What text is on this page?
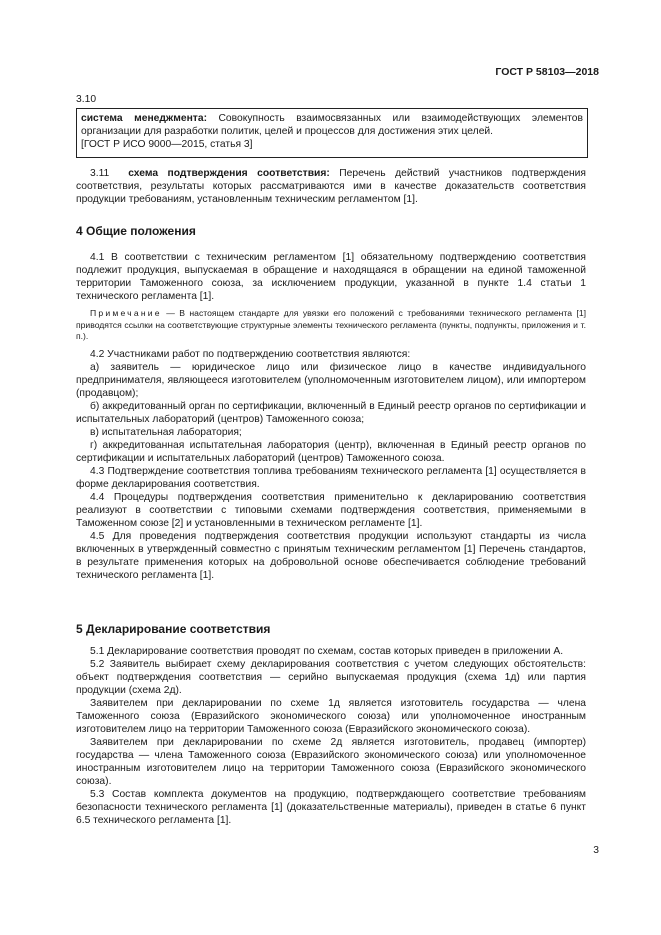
ГОСТ Р 58103—2018
3.10

система менеджмента: Совокупность взаимосвязанных или взаимодействующих элементов организации для разработки политик, целей и процессов для достижения этих целей.

[ГОСТ Р ИСО 9000—2015, статья 3]

3.11 схема подтверждения соответствия: Перечень действий участников подтверждения соответствия, результаты которых рассматриваются ими в качестве доказательств соответствия продукции требованиям, установленным техническим регламентом [1].

4 Общие положения

4.1 В соответствии с техническим регламентом [1] обязательному подтверждению соответствия подлежит продукция, выпускаемая в обращение и находящаяся в обращении на единой таможенной территории Таможенного союза, за исключением продукции, указанной в пункте 1.4 статьи 1 технического регламента [1].

Примечание — В настоящем стандарте для увязки его положений с требованиями технического регламента [1] приводятся ссылки на соответствующие структурные элементы технического регламента (пункты, подпункты, приложения и т. п.).

4.2 Участниками работ по подтверждению соответствия являются:

а) заявитель — юридическое лицо или физическое лицо в качестве индивидуального предпринимателя, являющееся изготовителем (уполномоченным изготовителем лицом), или импортером (продавцом);

б) аккредитованный орган по сертификации, включенный в Единый реестр органов по сертификации и испытательных лабораторий (центров) Таможенного союза;

в) испытательная лаборатория;

г) аккредитованная испытательная лаборатория (центр), включенная в Единый реестр органов по сертификации и испытательных лабораторий (центров) Таможенного союза.

4.3 Подтверждение соответствия топлива требованиям технического регламента [1] осуществляется в форме декларирования соответствия.

4.4 Процедуры подтверждения соответствия применительно к декларированию соответствия реализуют в соответствии с типовыми схемами подтверждения соответствия, применяемыми в Таможенном союзе [2] и установленными в техническом регламенте [1].

4.5 Для проведения подтверждения соответствия продукции используют стандарты из числа включенных в утвержденный совместно с принятым техническим регламентом [1] Перечень стандартов, в результате применения которых на добровольной основе обеспечивается соблюдение требований технического регламента [1].

5 Декларирование соответствия

5.1 Декларирование соответствия проводят по схемам, состав которых приведен в приложении А.

5.2 Заявитель выбирает схему декларирования соответствия с учетом следующих обстоятельств: объект подтверждения соответствия — серийно выпускаемая продукция (схема 1д) или партия продукции (схема 2д).

Заявителем при декларировании по схеме 1д является изготовитель государства — члена Таможенного союза (Евразийского экономического союза) или уполномоченное иностранным изготовителем лицо на территории Таможенного союза (Евразийского экономического союза).

Заявителем при декларировании по схеме 2д является изготовитель, продавец (импортер) государства — члена Таможенного союза (Евразийского экономического союза) или уполномоченное иностранным изготовителем лицо на территории Таможенного союза (Евразийского экономического союза).

5.3 Состав комплекта документов на продукцию, подтверждающего соответствие требованиям безопасности технического регламента [1] (доказательственные материалы), приведен в статье 6 пункт 6.5 технического регламента [1].

3
